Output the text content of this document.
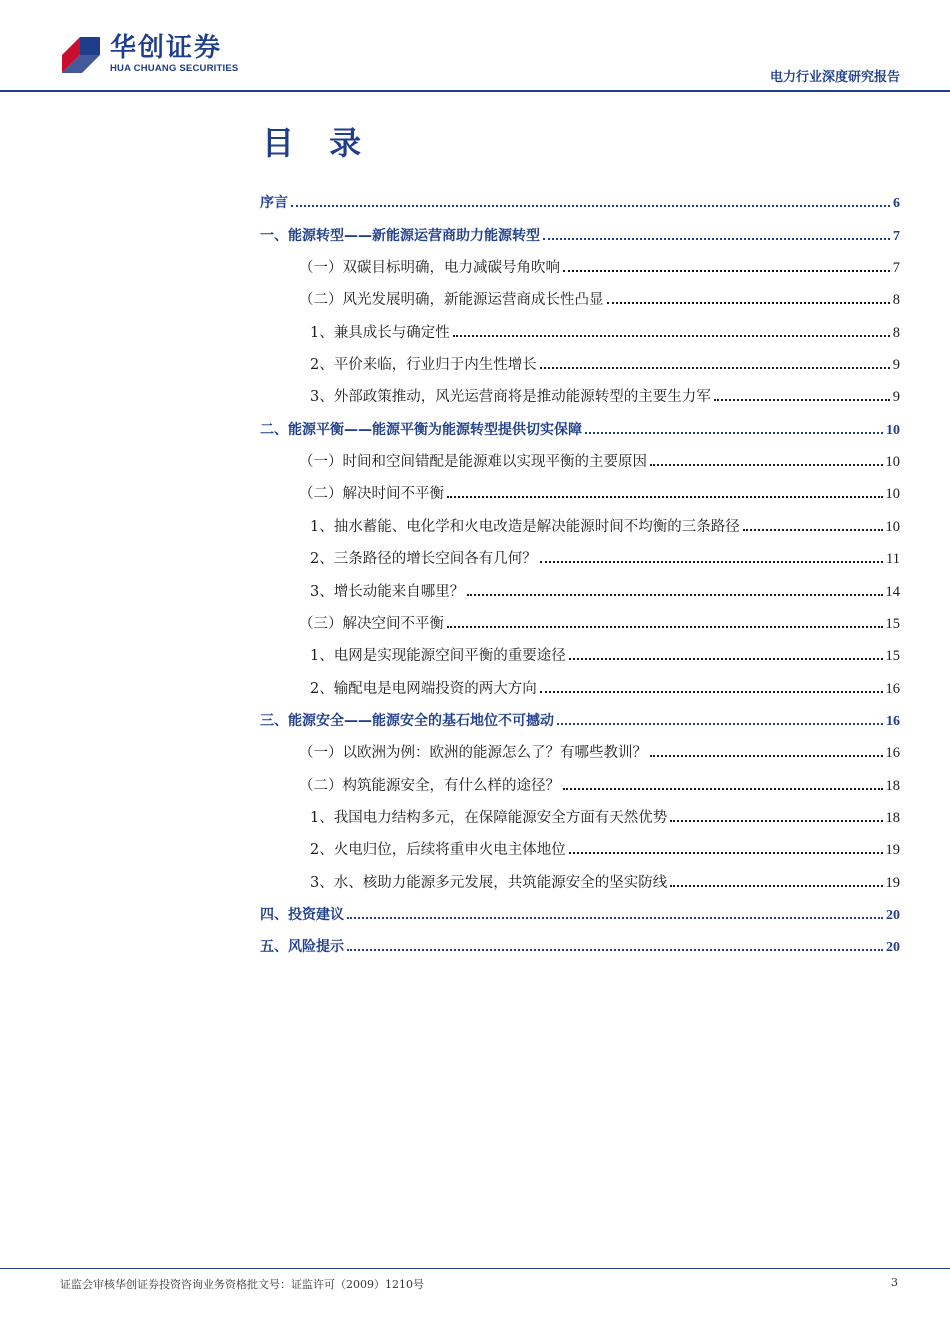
华创证券
HUA CHUANG SECURITIES
电力行业深度研究报告
目 录
序言	6
一、能源转型——新能源运营商助力能源转型	7
（一）双碳目标明确，电力减碳号角吹响	7
（二）风光发展明确，新能源运营商成长性凸显	8
1、兼具成长与确定性	8
2、平价来临，行业归于内生性增长	9
3、外部政策推动，风光运营商将是推动能源转型的主要生力军	9
二、能源平衡——能源平衡为能源转型提供切实保障	10
（一）时间和空间错配是能源难以实现平衡的主要原因	10
（二）解决时间不平衡	10
1、抽水蓄能、电化学和火电改造是解决能源时间不均衡的三条路径	10
2、三条路径的增长空间各有几何？	11
3、增长动能来自哪里？	14
（三）解决空间不平衡	15
1、电网是实现能源空间平衡的重要途径	15
2、输配电是电网端投资的两大方向	16
三、能源安全——能源安全的基石地位不可撼动	16
（一）以欧洲为例：欧洲的能源怎么了？有哪些教训？	16
（二）构筑能源安全，有什么样的途径？	18
1、我国电力结构多元，在保障能源安全方面有天然优势	18
2、火电归位，后续将重申火电主体地位	19
3、水、核助力能源多元发展，共筑能源安全的坚实防线	19
四、投资建议	20
五、风险提示	20
证监会审核华创证券投资咨询业务资格批文号：证监许可（2009）1210号	3
